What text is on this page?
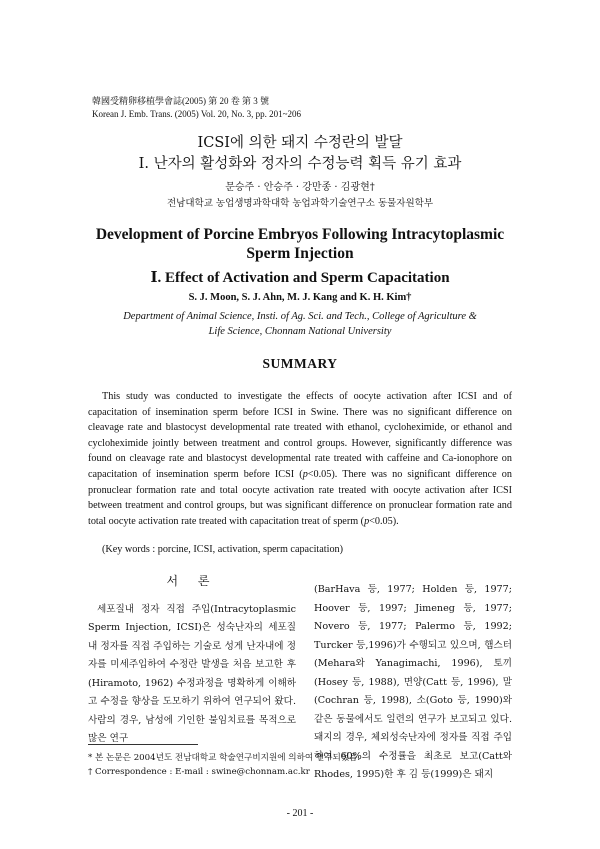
韓國受精卵移植學會誌(2005) 第 20 卷 第 3 號
Korean J. Emb. Trans. (2005) Vol. 20, No. 3, pp. 201~206
ICSI에 의한 돼지 수정란의 발달
Ⅰ. 난자의 활성화와 정자의 수정능력 획득 유기 효과
문승주 · 안승주 · 강만종 · 김광현†
전남대학교 농업생명과학대학 농업과학기술연구소 동물자원학부
Development of Porcine Embryos Following Intracytoplasmic
Sperm Injection
Ⅰ. Effect of Activation and Sperm Capacitation
S. J. Moon, S. J. Ahn, M. J. Kang and K. H. Kim†
Department of Animal Science, Insti. of Ag. Sci. and Tech., College of Agriculture &
Life Science, Chonnam National University
SUMMARY

This study was conducted to investigate the effects of oocyte activation after ICSI and of capacitation of insemination sperm before ICSI in Swine. There was no significant difference on cleavage rate and blastocyst developmental rate treated with ethanol, cycloheximide, or ethanol and cycloheximide jointly between treatment and control groups. However, significantly difference was found on cleavage rate and blastocyst developmental rate treated with caffeine and Ca-ionophore on capacitation of insemination sperm before ICSI (p<0.05). There was no significant difference on pronuclear formation rate and total oocyte activation rate treated with oocyte activation after ICSI between treatment and control groups, but was significant difference on pronuclear formation rate and total oocyte activation rate treated with capacitation treat of sperm (p<0.05).

(Key words : porcine, ICSI, activation, sperm capacitation)
서 론

세포질내 정자 직접 주입(Intracytoplasmic Sperm Injection, ICSI)은 성숙난자의 세포질내 정자를 직접 주입하는 기술로 성게 난자내에 정자를 미세주입하여 수정란 발생을 처음 보고한 후(Hiramoto, 1962) 수정과정을 명확하게 이해하고 수정을 향상을 도모하기 위하여 연구되어 왔다. 사람의 경우, 남성에 기인한 불임치료를 목적으로 많은 연구

(BarHava 등, 1977; Holden 등, 1977; Hoover 등, 1997; Jimeneg 등, 1977; Novero 등, 1977; Palermo 등, 1992; Turcker 등,1996)가 수행되고 있으며, 햄스터(Mehara와 Yanagimachi, 1996), 토끼(Hosey 등, 1988), 면양(Catt 등, 1996), 말(Cochran 등, 1998), 소(Goto 등, 1990)와 같은 동물에서도 일련의 연구가 보고되고 있다. 돼지의 경우, 체외성숙난자에 정자를 직접 주입하여 60%의 수정률을 최초로 보고(Catt와 Rhodes, 1995)한 후 김 등(1999)은 돼지

* 본 논문은 2004년도 전남대학교 학술연구비지원에 의하여 연구되었음.
† Correspondence : E-mail : swine@chonnam.ac.kr
- 201 -
